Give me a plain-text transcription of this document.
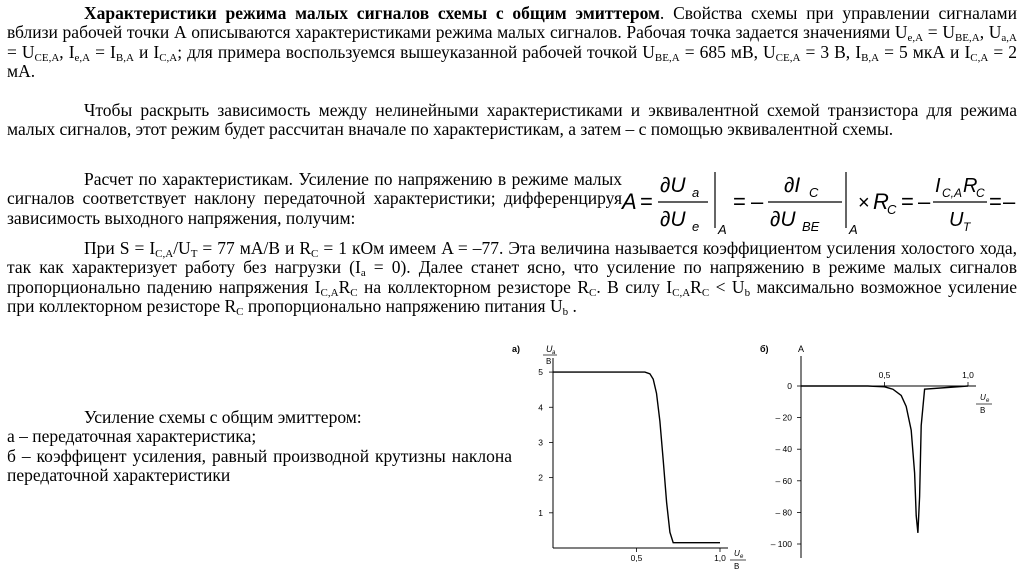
Характеристики режима малых сигналов схемы с общим эмиттером. Свойства схемы при управлении сигналами вблизи рабочей точки А описываются характеристиками режима малых сигналов. Рабочая точка задается значениями $U_{e,A} = U_{BE,A}$, $U_{a,A} = U_{CE,A}$, $I_{e,A} = I_{B,A}$ и $I_{C,A}$; для примера воспользуемся вышеуказанной рабочей точкой $U_{BE,A} = 685$ мВ, $U_{CE,A} = 3$ В, $I_{B,A} = 5$ мкА и $I_{C,A} = 2$ мА.
Чтобы раскрыть зависимость между нелинейными характеристиками и эквивалентной схемой транзистора для режима малых сигналов, этот режим будет рассчитан вначале по характеристикам, а затем – с помощью эквивалентной схемы.
Расчет по характеристикам. Усиление по напряжению в режиме малых сигналов соответствует наклону передаточной характеристики; дифференцируя зависимость выходного напряжения, получим:
A =
∂U a
∂U e A
= –
∂I C
∂U BE A
× R
C = –
I C,A R
C
U T
= –
При $S = I_{C,A}/U_T = 77$ мА/В и $R_C = 1$ кОм имеем A = –77. Эта величина называется коэффициентом усиления холостого хода, так как характеризует работу без нагрузки $(I_a = 0)$. Далее станет ясно, что усиление по напряжению в режиме малых сигналов пропорционально падению напряжения $I_{C,A}R_C$ на коллекторном резисторе $R_C$. В силу $I_{C,A}R_C < U_b$ максимально возможное усиление при коллекторном резисторе $R_C$ пропорционально напряжению питания $U_b$ .
Усиление схемы с общим эмиттером:
а – передаточная характеристика;
б – коэффицент усиления, равный производной крутизны наклона передаточной характеристики
a)	U a
B
5
4
3
2
1
0,5	1,0 U e
B
б)	A
0
– 20
– 40
– 60
– 80
– 100
0,5	1,0
U e
B
